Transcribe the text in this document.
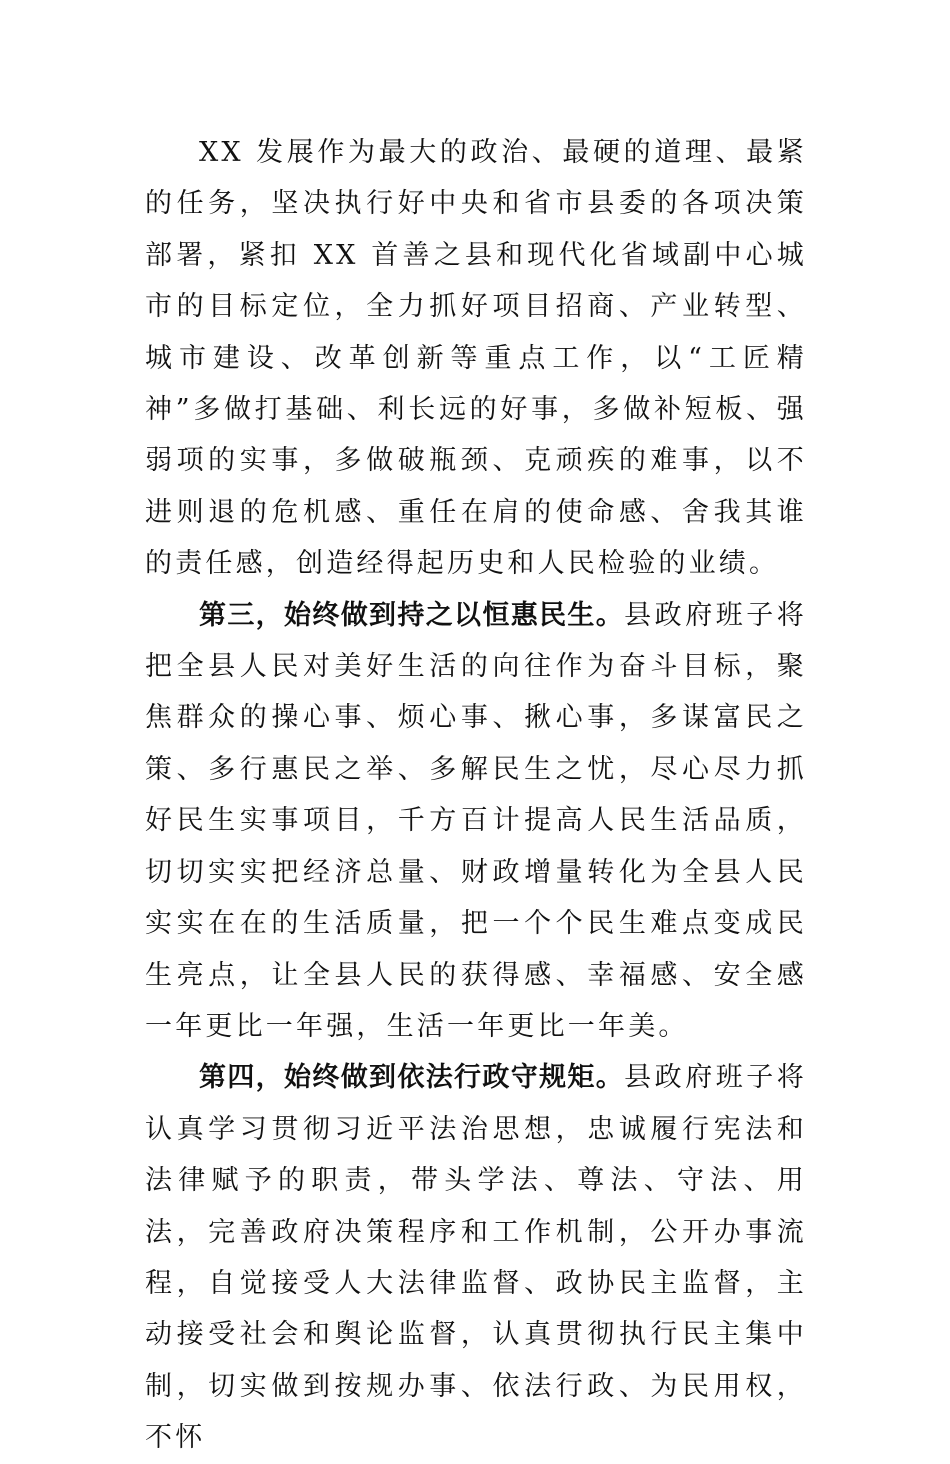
XX 发展作为最大的政治、最硬的道理、最紧的任务，坚决执行好中央和省市县委的各项决策部署，紧扣 XX 首善之县和现代化省域副中心城市的目标定位，全力抓好项目招商、产业转型、城市建设、改革创新等重点工作，以“工匠精神”多做打基础、利长远的好事，多做补短板、强弱项的实事，多做破瓶颈、克顽疾的难事，以不进则退的危机感、重任在肩的使命感、舍我其谁的责任感，创造经得起历史和人民检验的业绩。

第三，始终做到持之以恒惠民生。县政府班子将把全县人民对美好生活的向往作为奋斗目标，聚焦群众的操心事、烦心事、揪心事，多谋富民之策、多行惠民之举、多解民生之忧，尽心尽力抓好民生实事项目，千方百计提高人民生活品质，切切实实把经济总量、财政增量转化为全县人民实实在在的生活质量，把一个个民生难点变成民生亮点，让全县人民的获得感、幸福感、安全感一年更比一年强，生活一年更比一年美。

第四，始终做到依法行政守规矩。县政府班子将认真学习贯彻习近平法治思想，忠诚履行宪法和法律赋予的职责，带头学法、尊法、守法、用法，完善政府决策程序和工作机制，公开办事流程，自觉接受人大法律监督、政协民主监督，主动接受社会和舆论监督，认真贯彻执行民主集中制，切实做到按规办事、依法行政、为民用权，不怀
